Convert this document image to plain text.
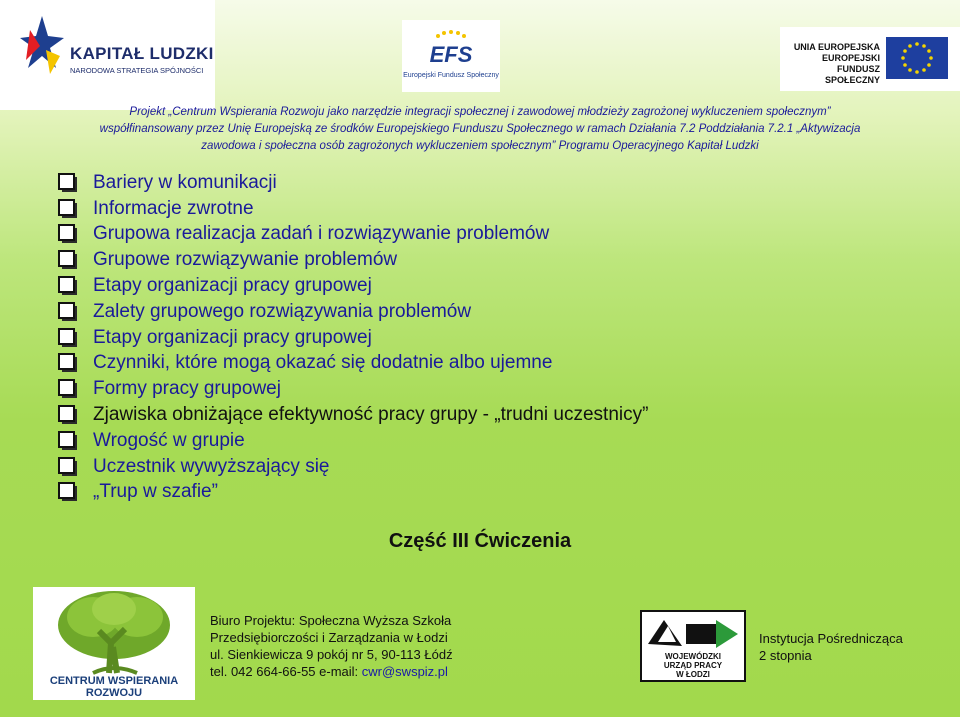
KAPITAŁ LUDZKI
NARODOWA STRATEGIA SPÓJNOŚCI
EFS
Europejski Fundusz Społeczny
UNIA EUROPEJSKA
EUROPEJSKI
FUNDUSZ SPOŁECZNY
Projekt „Centrum Wspierania Rozwoju jako narzędzie integracji społecznej i zawodowej młodzieży zagrożonej wykluczeniem społecznym”
współfinansowany przez Unię Europejską ze środków Europejskiego Funduszu Społecznego w ramach Działania 7.2 Poddziałania 7.2.1 „Aktywizacja
zawodowa i społeczna osób zagrożonych wykluczeniem społecznym” Programu Operacyjnego Kapitał Ludzki
Bariery w komunikacji
Informacje zwrotne
Grupowa realizacja zadań i rozwiązywanie problemów
Grupowe rozwiązywanie problemów
Etapy organizacji pracy grupowej
Zalety grupowego rozwiązywania problemów
Etapy organizacji pracy grupowej
Czynniki, które mogą okazać się dodatnie albo ujemne
Formy pracy grupowej
Zjawiska obniżające efektywność pracy grupy - „trudni uczestnicy”
Wrogość w grupie
Uczestnik wywyższający się
„Trup w szafie”
Część III Ćwiczenia
CENTRUM WSPIERANIA
ROZWOJU
Biuro Projektu: Społeczna Wyższa Szkoła
Przedsiębiorczości i Zarządzania w Łodzi
ul. Sienkiewicza 9 pokój nr 5, 90-113 Łódź
tel. 042 664-66-55 e-mail: cwr@swspiz.pl
WOJEWÓDZKI
URZĄD PRACY
W ŁODZI
Instytucja Pośrednicząca
2 stopnia
